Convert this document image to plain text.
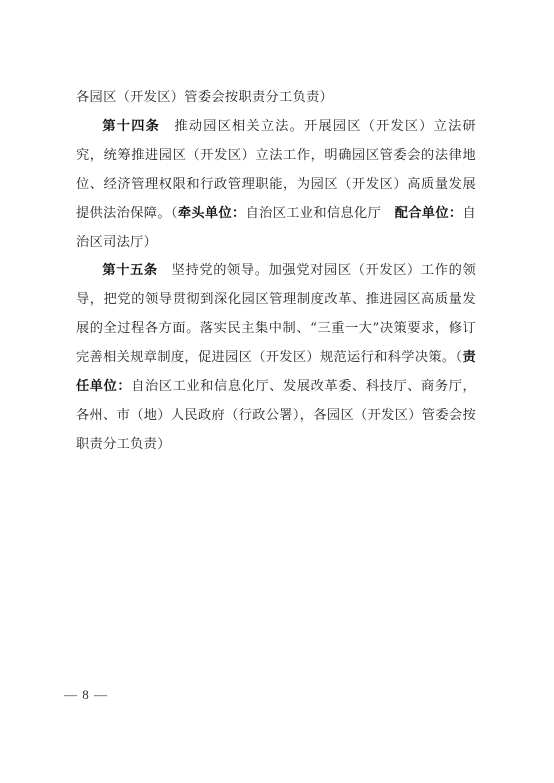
各园区（开发区）管委会按职责分工负责）

第十四条　推动园区相关立法。开展园区（开发区）立法研究，统筹推进园区（开发区）立法工作，明确园区管委会的法律地位、经济管理权限和行政管理职能，为园区（开发区）高质量发展提供法治保障。（牵头单位：自治区工业和信息化厅　配合单位：自治区司法厅）

第十五条　坚持党的领导。加强党对园区（开发区）工作的领导，把党的领导贯彻到深化园区管理制度改革、推进园区高质量发展的全过程各方面。落实民主集中制、“三重一大”决策要求，修订完善相关规章制度，促进园区（开发区）规范运行和科学决策。（责任单位：自治区工业和信息化厅、发展改革委、科技厅、商务厅，各州、市（地）人民政府（行政公署），各园区（开发区）管委会按职责分工负责）

— 8 —
